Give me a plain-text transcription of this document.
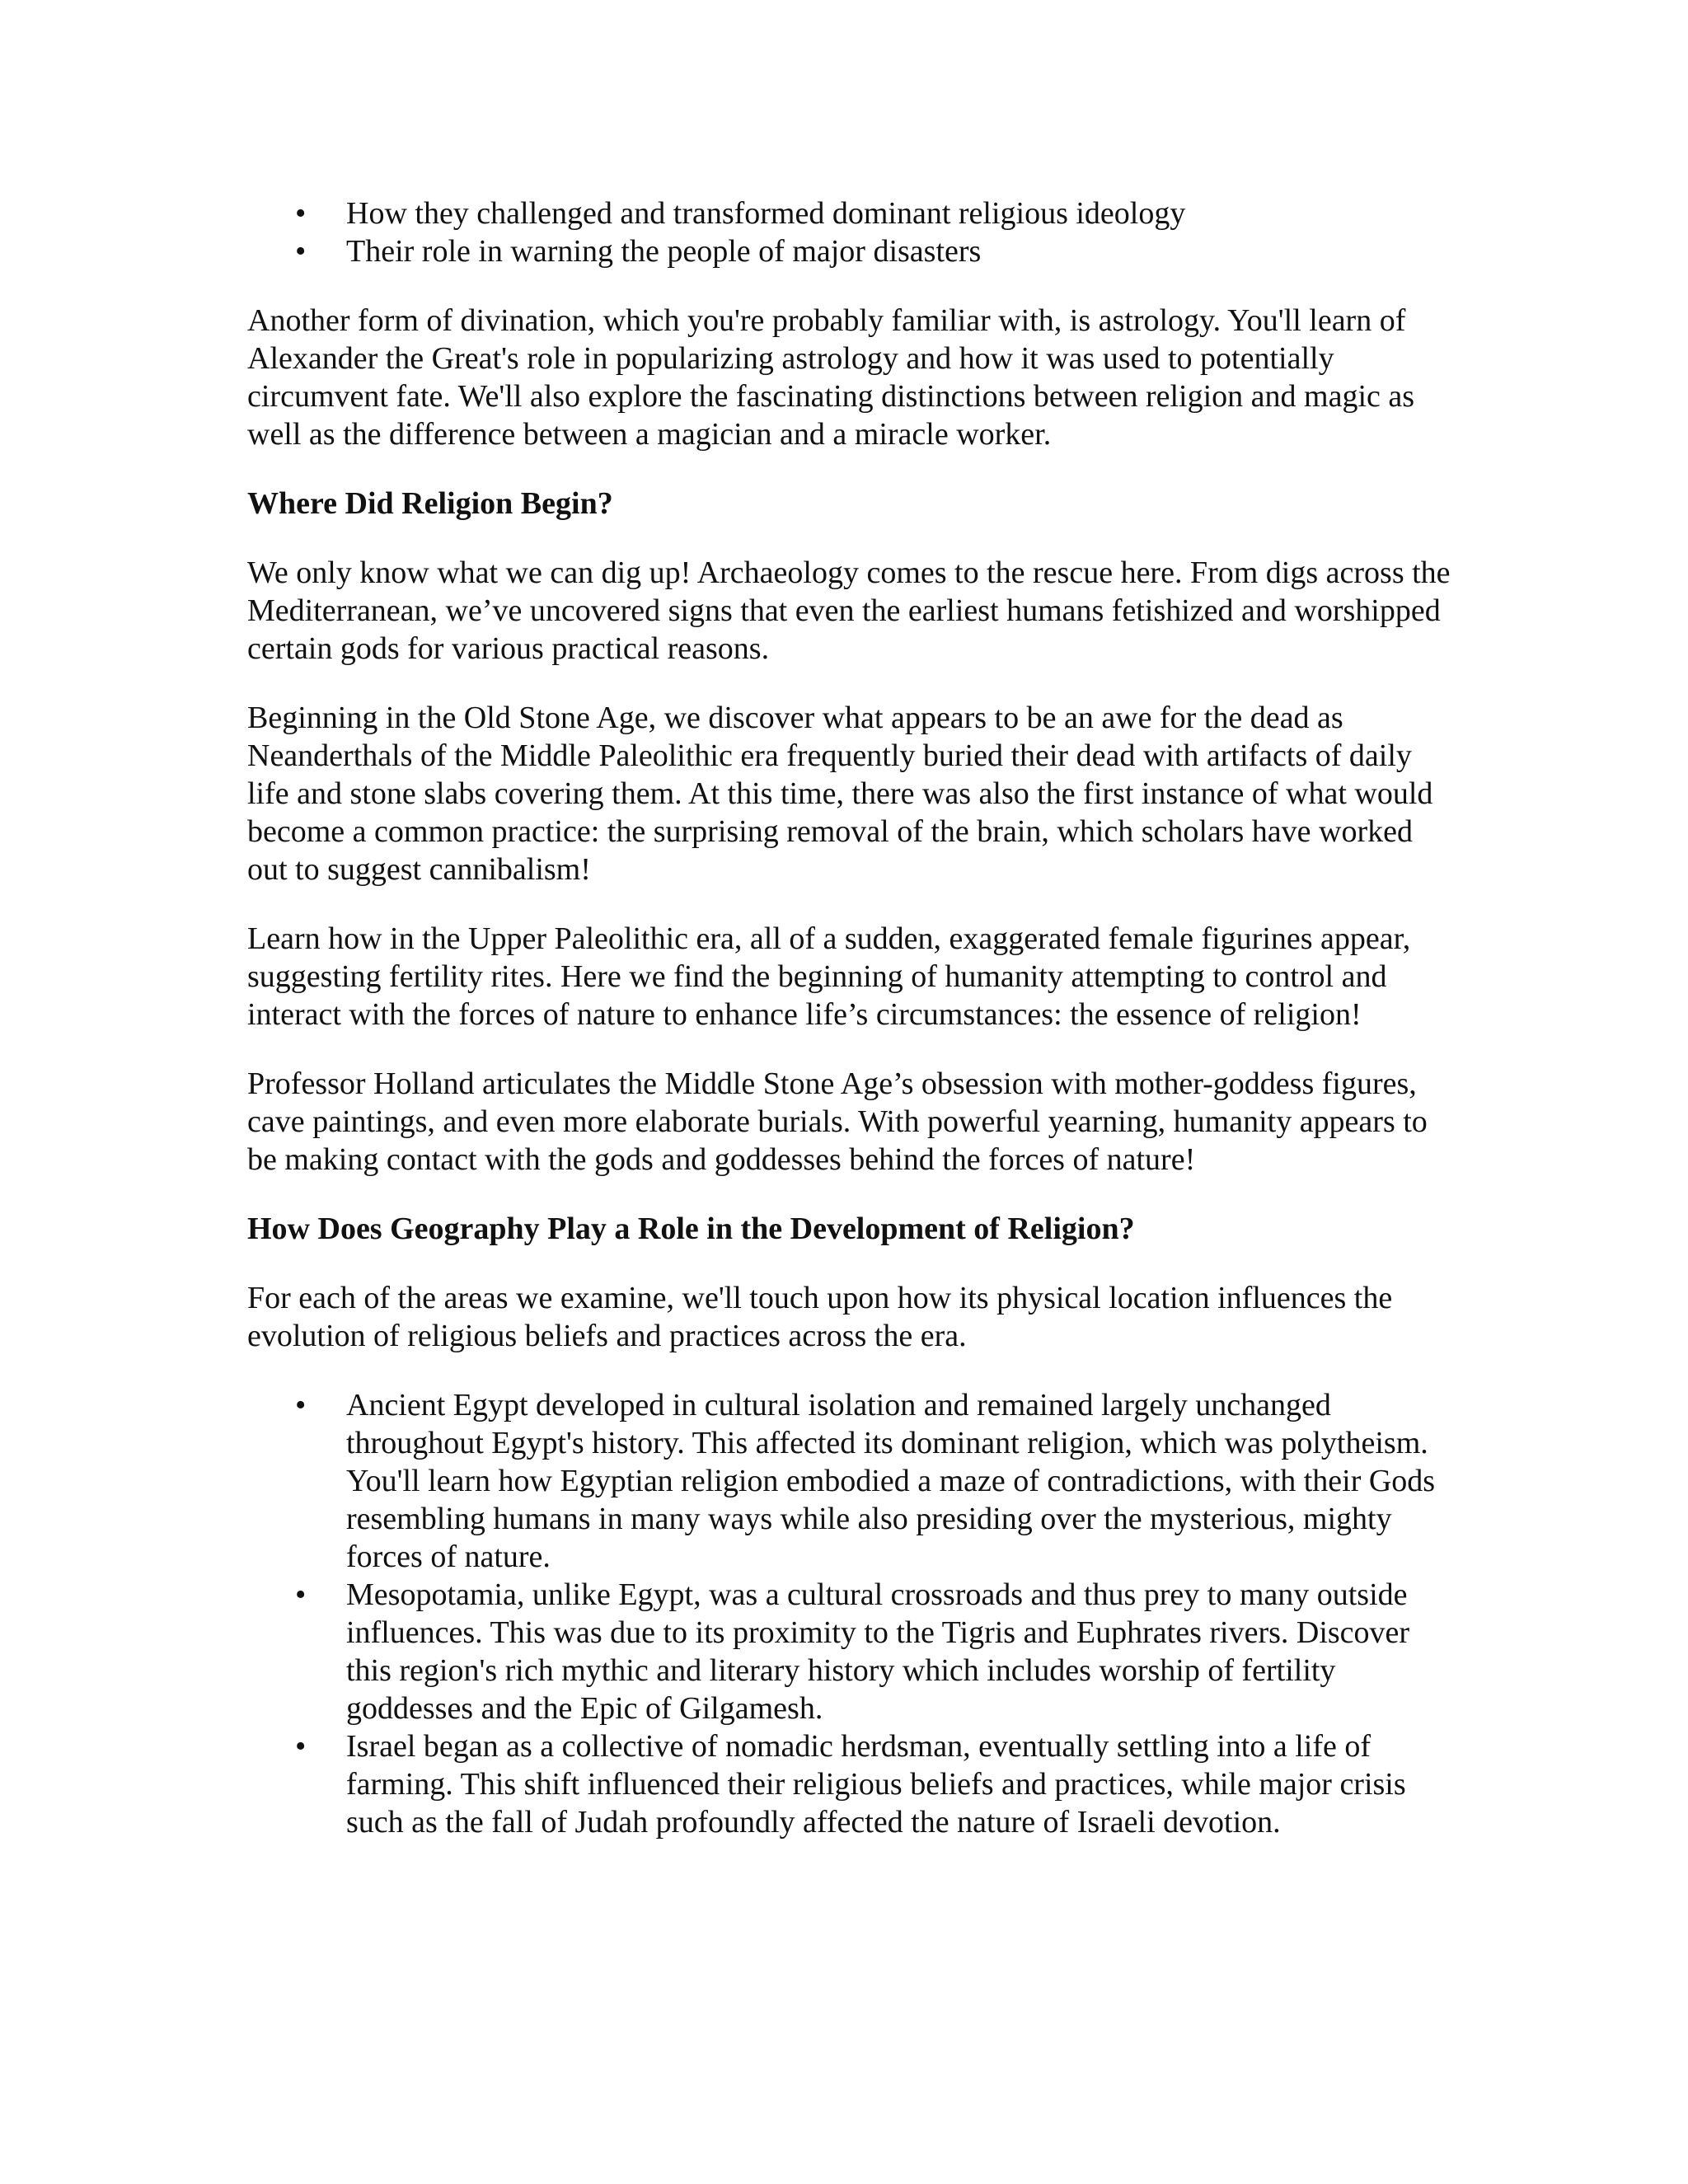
• How they challenged and transformed dominant religious ideology
• Their role in warning the people of major disasters

Another form of divination, which you're probably familiar with, is astrology. You'll learn of Alexander the Great's role in popularizing astrology and how it was used to potentially circumvent fate. We'll also explore the fascinating distinctions between religion and magic as well as the difference between a magician and a miracle worker.

Where Did Religion Begin?

We only know what we can dig up! Archaeology comes to the rescue here. From digs across the Mediterranean, we’ve uncovered signs that even the earliest humans fetishized and worshipped certain gods for various practical reasons.

Beginning in the Old Stone Age, we discover what appears to be an awe for the dead as Neanderthals of the Middle Paleolithic era frequently buried their dead with artifacts of daily life and stone slabs covering them. At this time, there was also the first instance of what would become a common practice: the surprising removal of the brain, which scholars have worked out to suggest cannibalism!

Learn how in the Upper Paleolithic era, all of a sudden, exaggerated female figurines appear, suggesting fertility rites. Here we find the beginning of humanity attempting to control and interact with the forces of nature to enhance life’s circumstances: the essence of religion!

Professor Holland articulates the Middle Stone Age’s obsession with mother-goddess figures, cave paintings, and even more elaborate burials. With powerful yearning, humanity appears to be making contact with the gods and goddesses behind the forces of nature!

How Does Geography Play a Role in the Development of Religion?

For each of the areas we examine, we'll touch upon how its physical location influences the evolution of religious beliefs and practices across the era.

• Ancient Egypt developed in cultural isolation and remained largely unchanged throughout Egypt's history. This affected its dominant religion, which was polytheism. You'll learn how Egyptian religion embodied a maze of contradictions, with their Gods resembling humans in many ways while also presiding over the mysterious, mighty forces of nature.
• Mesopotamia, unlike Egypt, was a cultural crossroads and thus prey to many outside influences. This was due to its proximity to the Tigris and Euphrates rivers. Discover this region's rich mythic and literary history which includes worship of fertility goddesses and the Epic of Gilgamesh.
• Israel began as a collective of nomadic herdsman, eventually settling into a life of farming. This shift influenced their religious beliefs and practices, while major crisis such as the fall of Judah profoundly affected the nature of Israeli devotion.
